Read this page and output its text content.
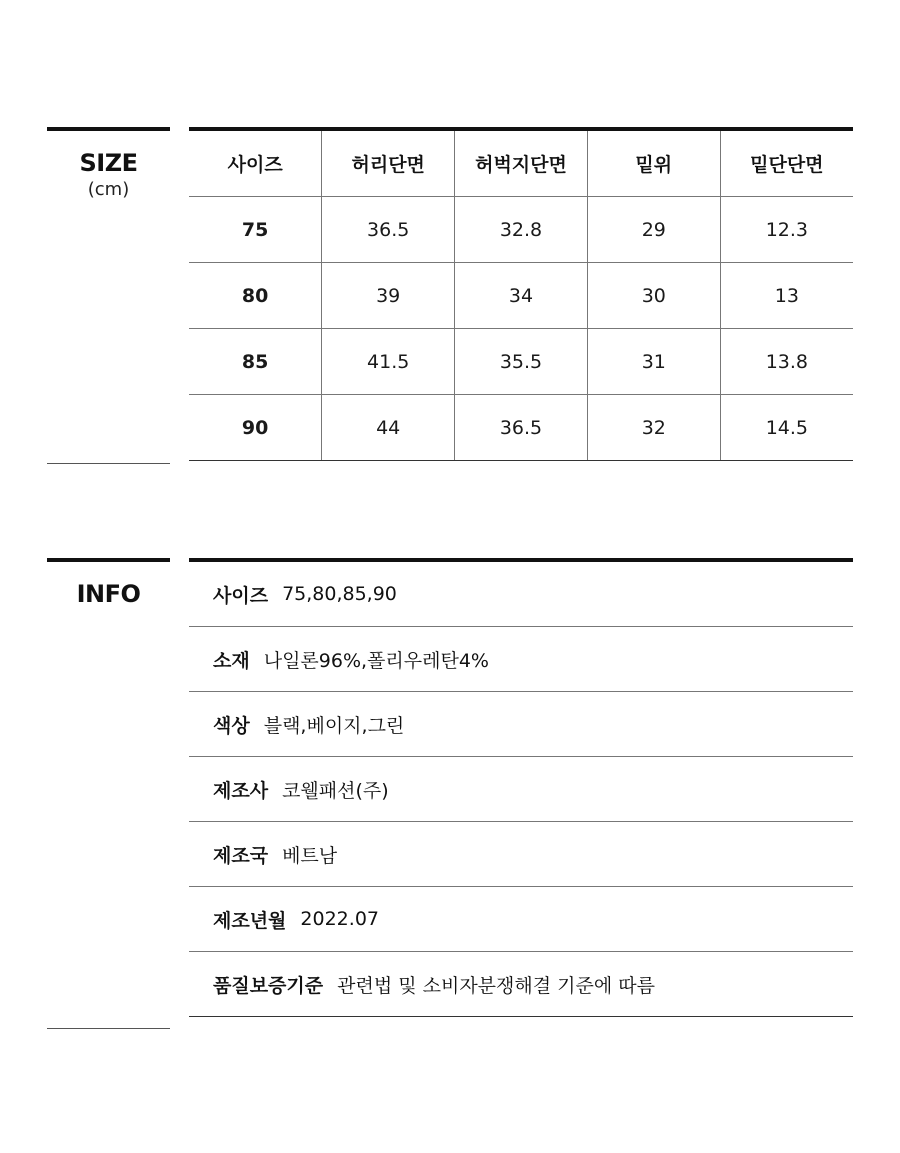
SIZE
(cm)
사이즈	허리단면	허벅지단면	밑위	밑단단면
75	36.5	32.8	29	12.3
80	39	34	30	13
85	41.5	35.5	31	13.8
90	44	36.5	32	14.5
INFO	사이즈 75,80,85,90
소재 나일론96%,폴리우레탄4%
색상 블랙,베이지,그린
제조사 코웰패션(주)
제조국 베트남
제조년월 2022.07
품질보증기준 관련법 및 소비자분쟁해결 기준에 따름
